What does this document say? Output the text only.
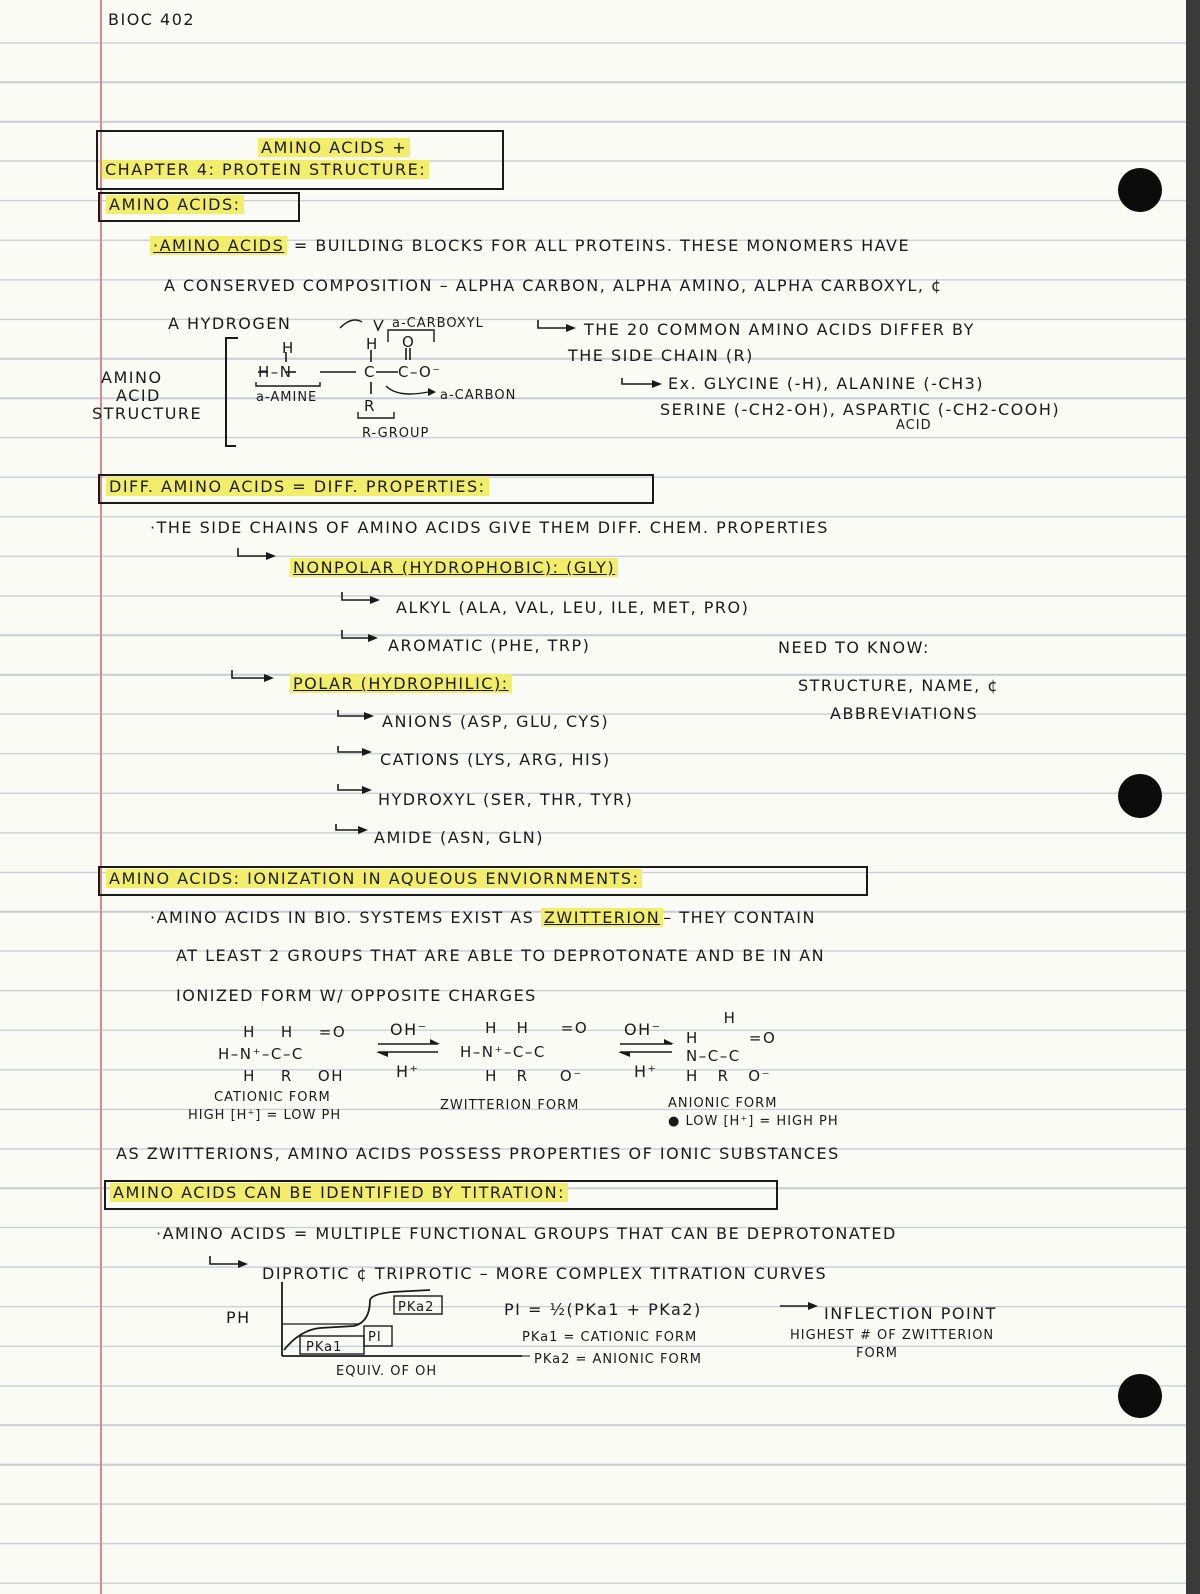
BIOC 402
AMINO ACIDS +
CHAPTER 4: PROTEIN STRUCTURE:
AMINO ACIDS:
·AMINO ACIDS = BUILDING BLOCKS FOR ALL PROTEINS. THESE MONOMERS HAVE
A CONSERVED COMPOSITION – ALPHA CARBON, ALPHA AMINO, ALPHA CARBOXYL, ¢
A HYDROGEN
AMINO
ACID
STRUCTURE
H	H O
H–N	C C–O⁻
R
a-CARBOXYL
a-AMINE	a-CARBON
R-GROUP
THE 20 COMMON AMINO ACIDS DIFFER BY
THE SIDE CHAIN (R)
Ex. GLYCINE (-H), ALANINE (-CH3)
SERINE (-CH2-OH), ASPARTIC (-CH2-COOH)
ACID
DIFF. AMINO ACIDS = DIFF. PROPERTIES:
·THE SIDE CHAINS OF AMINO ACIDS GIVE THEM DIFF. CHEM. PROPERTIES
NONPOLAR (HYDROPHOBIC): (GLY)
ALKYL (ALA, VAL, LEU, ILE, MET, PRO)
AROMATIC (PHE, TRP)
POLAR (HYDROPHILIC):
ANIONS (ASP, GLU, CYS)
CATIONS (LYS, ARG, HIS)
HYDROXYL (SER, THR, TYR)
AMIDE (ASN, GLN)
NEED TO KNOW:
STRUCTURE, NAME, ¢
ABBREVIATIONS
AMINO ACIDS: IONIZATION IN AQUEOUS ENVIORNMENTS:
·AMINO ACIDS IN BIO. SYSTEMS EXIST AS ZWITTERION – THEY CONTAIN
AT LEAST 2 GROUPS THAT ARE ABLE TO DEPROTONATE AND BE IN AN
IONIZED FORM W/ OPPOSITE CHARGES
H    H    =O
H–N⁺–C–C
H    R    OH
OH⁻
H⁺
H   H     =O
H–N⁺–C–C
H   R     O⁻
OH⁻
H⁺
H
H        =O
N–C–C
H   R   O⁻
CATIONIC FORM
HIGH [H⁺] = LOW PH
ZWITTERION FORM	ANIONIC FORM
● LOW [H⁺] = HIGH PH
AS ZWITTERIONS, AMINO ACIDS POSSESS PROPERTIES OF IONIC SUBSTANCES
AMINO ACIDS CAN BE IDENTIFIED BY TITRATION:
·AMINO ACIDS = MULTIPLE FUNCTIONAL GROUPS THAT CAN BE DEPROTONATED
DIPROTIC ¢ TRIPROTIC – MORE COMPLEX TITRATION CURVES
PH
PKa1
PI
PKa2
EQUIV. OF OH
PI = ½(PKa1 + PKa2)	INFLECTION POINT
PKa1 = CATIONIC FORM
PKa2 = ANIONIC FORM
HIGHEST # OF ZWITTERION
FORM
